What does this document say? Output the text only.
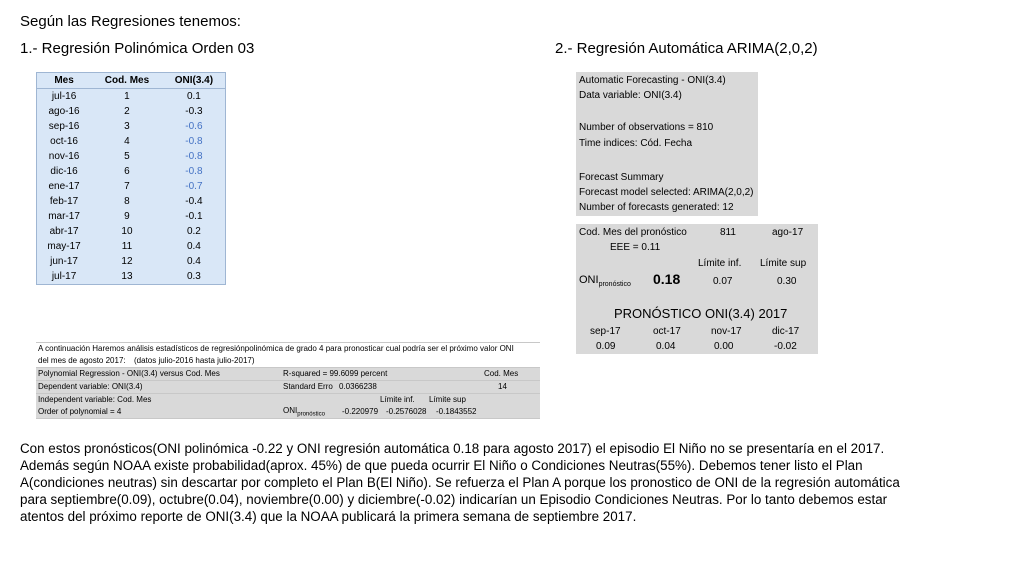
Según las Regresiones tenemos:
1.- Regresión Polinómica Orden 03	2.- Regresión Automática ARIMA(2,0,2)
Mes	Cod. Mes	ONI(3.4)
jul-16	1	0.1
ago-16	2	-0.3
sep-16	3	-0.6
oct-16	4	-0.8
nov-16	5	-0.8
dic-16	6	-0.8
ene-17	7	-0.7
feb-17	8	-0.4
mar-17	9	-0.1
abr-17	10	0.2
may-17	11	0.4
jun-17	12	0.4
jul-17	13	0.3
Automatic Forecasting - ONI(3.4)
Data variable: ONI(3.4)
Number of observations = 810
Time indices: Cód. Fecha
Forecast Summary
Forecast model selected: ARIMA(2,0,2)
Number of forecasts generated: 12
Cod. Mes del pronóstico	811	ago-17
EEE = 0.11
Límite inf. Límite sup
$ONI_{pronóstico}$ 0.18	0.07	0.30
PRONÓSTICO ONI(3.4) 2017
sep-17	oct-17	nov-17	dic-17
0.09	0.04	0.00	-0.02
A continuación Haremos análisis estadísticos de regresiónpolinómica de grado 4 para pronosticar cual podría ser el próximo valor ONI
del mes de agosto 2017: (datos julio-2016 hasta julio-2017)
Polynomial Regression - ONI(3.4) versus Cod. Mes	R-squared = 99.6099 percent	Cod. Mes
Dependent variable: ONI(3.4)	Standard Erro 0.0366238	14
Independent variable: Cod. Mes	Límite inf. Límite sup
Order of polynomial = 4	$ONI_{pronóstico}$ -0.220979 -0.2576028 -0.1843552
Con estos pronósticos(ONI polinómica -0.22 y ONI regresión automática 0.18 para agosto 2017) el episodio El Niño no se presentaría en el 2017. Además según NOAA existe probabilidad(aprox. 45%) de que pueda ocurrir El Niño o Condiciones Neutras(55%). Debemos tener listo el Plan A(condiciones neutras) sin descartar por completo el Plan B(El Niño). Se refuerza el Plan A porque los pronostico de ONI de la regresión automática para septiembre(0.09), octubre(0.04), noviembre(0.00) y diciembre(-0.02) indicarían un Episodio Condiciones Neutras. Por lo tanto debemos estar atentos del próximo reporte de ONI(3.4) que la NOAA publicará la primera semana de septiembre 2017.
